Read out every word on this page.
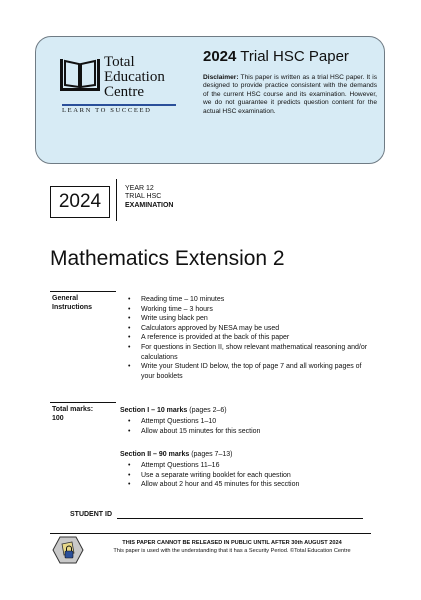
Total
Education
Centre
LEARN TO SUCCEED
2024 Trial HSC Paper
Disclaimer: This paper is written as a trial HSC paper. It is designed to provide practice consistent with the demands of the current HSC course and its examination. However, we do not guarantee it predicts question content for the actual HSC examination.
2024
YEAR 12
TRIAL HSC
EXAMINATION
Mathematics Extension 2
General
Instructions
• Reading time – 10 minutes
• Working time – 3 hours
• Write using black pen
• Calculators approved by NESA may be used
• A reference is provided at the back of this paper
• For questions in Section II, show relevant mathematical reasoning and/or calculations
• Write your Student ID below, the top of page 7 and all working pages of your booklets
Total marks:
100
Section I – 10 marks (pages 2–6)
• Attempt Questions 1–10
• Allow about 15 minutes for this section
Section II – 90 marks (pages 7–13)
• Attempt Questions 11–16
• Use a separate writing booklet for each question
• Allow about 2 hour and 45 minutes for this secction
STUDENT ID
THIS PAPER CANNOT BE RELEASED IN PUBLIC UNTIL AFTER 30th AUGUST 2024
This paper is used with the understanding that it has a Security Period. ©Total Education Centre
